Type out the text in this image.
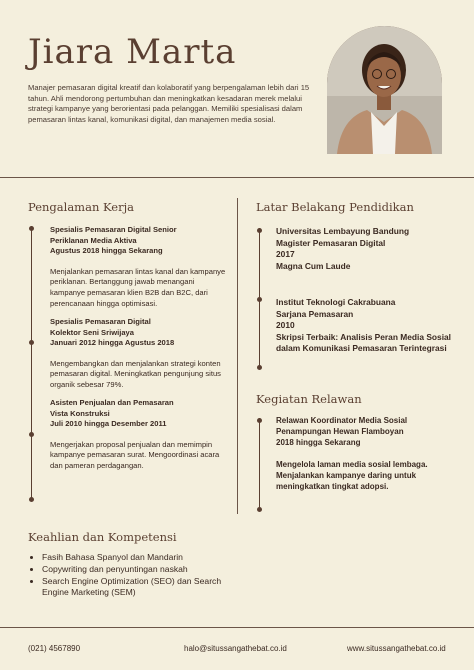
Jiara Marta
Manajer pemasaran digital kreatif dan kolaboratif yang berpengalaman lebih dari 15 tahun. Ahli mendorong pertumbuhan dan meningkatkan kesadaran merek melalui strategi kampanye yang berorientasi pada pelanggan. Memiliki spesialisasi dalam pemasaran lintas kanal, komunikasi digital, dan manajemen media sosial.
Pengalaman Kerja
Spesialis Pemasaran Digital Senior
Periklanan Media Aktiva
Agustus 2018 hingga Sekarang
Menjalankan pemasaran lintas kanal dan kampanye periklanan. Bertanggung jawab menangani kampanye pemasaran klien B2B dan B2C, dari perencanaan hingga optimisasi.
Spesialis Pemasaran Digital
Kolektor Seni Sriwijaya
Januari 2012 hingga Agustus 2018
Mengembangkan dan menjalankan strategi konten pemasaran digital. Meningkatkan pengunjung situs organik sebesar 79%.
Asisten Penjualan dan Pemasaran
Vista Konstruksi
Juli 2010 hingga Desember 2011
Mengerjakan proposal penjualan dan memimpin kampanye pemasaran surat. Mengoordinasi acara dan pameran perdagangan.
Latar Belakang Pendidikan
Universitas Lembayung Bandung
Magister Pemasaran Digital
2017
Magna Cum Laude
Institut Teknologi Cakrabuana
Sarjana Pemasaran
2010
Skripsi Terbaik: Analisis Peran Media Sosial dalam Komunikasi Pemasaran Terintegrasi
Kegiatan Relawan
Relawan Koordinator Media Sosial
Penampungan Hewan Flamboyan
2018 hingga Sekarang
Mengelola laman media sosial lembaga. Menjalankan kampanye daring untuk meningkatkan tingkat adopsi.
Keahlian dan Kompetensi
• Fasih Bahasa Spanyol dan Mandarin
• Copywriting dan penyuntingan naskah
• Search Engine Optimization (SEO) dan Search Engine Marketing (SEM)
(021) 4567890	halo@situssangathebat.co.id	www.situssangathebat.co.id
